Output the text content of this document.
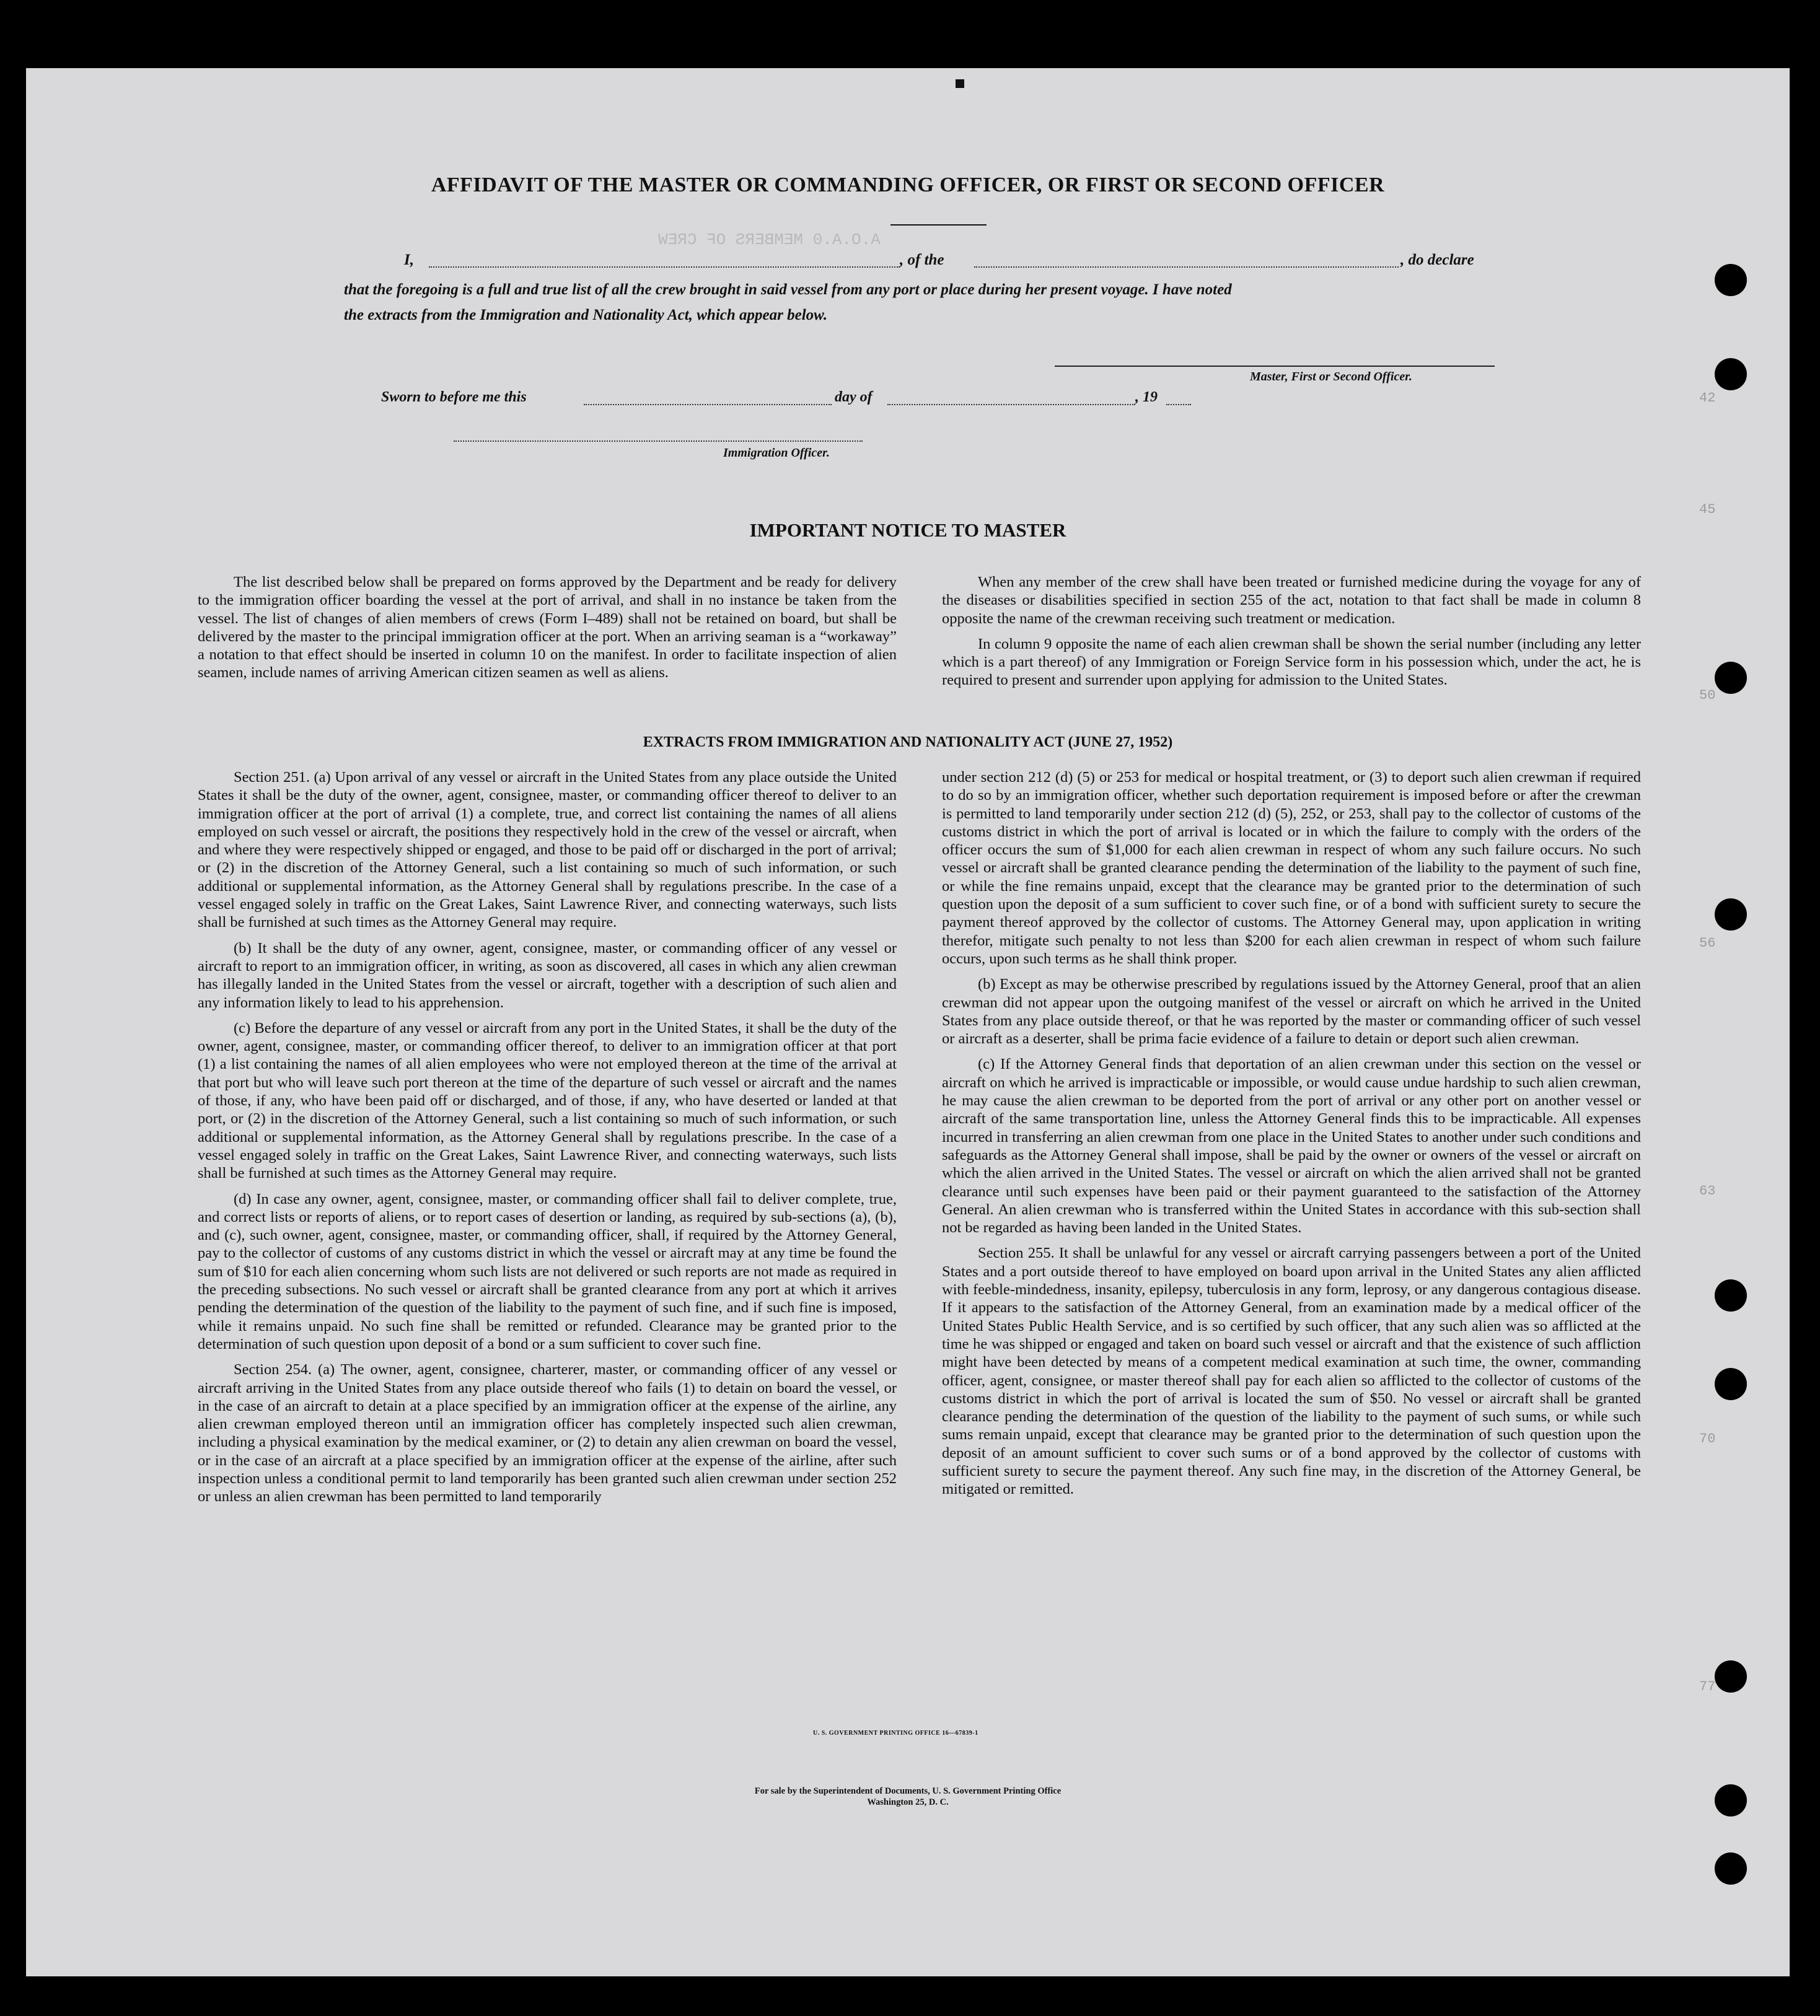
A.O.A.0 MEMBERS OF CREW
42
45
50
56
63
70
77
AFFIDAVIT OF THE MASTER OR COMMANDING OFFICER, OR FIRST OR SECOND OFFICER
I,	, of the	, do declare
that the foregoing is a full and true list of all the crew brought in said vessel from any port or place during her present voyage. I have noted
the extracts from the Immigration and Nationality Act, which appear below.
Master, First or Second Officer.
Sworn to before me this	day of	, 19
Immigration Officer.
IMPORTANT NOTICE TO MASTER

The list described below shall be prepared on forms approved by the Department and be ready for delivery to the immigration officer boarding the vessel at the port of arrival, and shall in no instance be taken from the vessel. The list of changes of alien members of crews (Form I–489) shall not be retained on board, but shall be delivered by the master to the principal immigration officer at the port. When an arriving seaman is a “workaway” a notation to that effect should be inserted in column 10 on the manifest. In order to facilitate inspection of alien seamen, include names of arriving American citizen seamen as well as aliens.

When any member of the crew shall have been treated or furnished medicine during the voyage for any of the diseases or disabilities specified in section 255 of the act, notation to that fact shall be made in column 8 opposite the name of the crewman receiving such treatment or medication.

In column 9 opposite the name of each alien crewman shall be shown the serial number (including any letter which is a part thereof) of any Immigration or Foreign Service form in his possession which, under the act, he is required to present and surrender upon applying for admission to the United States.

EXTRACTS FROM IMMIGRATION AND NATIONALITY ACT (JUNE 27, 1952)

Section 251. (a) Upon arrival of any vessel or aircraft in the United States from any place outside the United States it shall be the duty of the owner, agent, consignee, master, or commanding officer thereof to deliver to an immigration officer at the port of arrival (1) a complete, true, and correct list containing the names of all aliens employed on such vessel or aircraft, the positions they respectively hold in the crew of the vessel or aircraft, when and where they were respectively shipped or engaged, and those to be paid off or discharged in the port of arrival; or (2) in the discretion of the Attorney General, such a list containing so much of such information, or such additional or supplemental information, as the Attorney General shall by regulations prescribe. In the case of a vessel engaged solely in traffic on the Great Lakes, Saint Lawrence River, and connecting waterways, such lists shall be furnished at such times as the Attorney General may require.

(b) It shall be the duty of any owner, agent, consignee, master, or commanding officer of any vessel or aircraft to report to an immigration officer, in writing, as soon as discovered, all cases in which any alien crewman has illegally landed in the United States from the vessel or aircraft, together with a description of such alien and any information likely to lead to his apprehension.

(c) Before the departure of any vessel or aircraft from any port in the United States, it shall be the duty of the owner, agent, consignee, master, or commanding officer thereof, to deliver to an immigration officer at that port (1) a list containing the names of all alien employees who were not employed thereon at the time of the arrival at that port but who will leave such port thereon at the time of the departure of such vessel or aircraft and the names of those, if any, who have been paid off or discharged, and of those, if any, who have deserted or landed at that port, or (2) in the discretion of the Attorney General, such a list containing so much of such information, or such additional or supplemental information, as the Attorney General shall by regulations prescribe. In the case of a vessel engaged solely in traffic on the Great Lakes, Saint Lawrence River, and connecting waterways, such lists shall be furnished at such times as the Attorney General may require.

(d) In case any owner, agent, consignee, master, or commanding officer shall fail to deliver complete, true, and correct lists or reports of aliens, or to report cases of desertion or landing, as required by sub-sections (a), (b), and (c), such owner, agent, consignee, master, or commanding officer, shall, if required by the Attorney General, pay to the collector of customs of any customs district in which the vessel or aircraft may at any time be found the sum of $10 for each alien concerning whom such lists are not delivered or such reports are not made as required in the preceding subsections. No such vessel or aircraft shall be granted clearance from any port at which it arrives pending the determination of the question of the liability to the payment of such fine, and if such fine is imposed, while it remains unpaid. No such fine shall be remitted or refunded. Clearance may be granted prior to the determination of such question upon deposit of a bond or a sum sufficient to cover such fine.

Section 254. (a) The owner, agent, consignee, charterer, master, or commanding officer of any vessel or aircraft arriving in the United States from any place outside thereof who fails (1) to detain on board the vessel, or in the case of an aircraft to detain at a place specified by an immigration officer at the expense of the airline, any alien crewman employed thereon until an immigration officer has completely inspected such alien crewman, including a physical examination by the medical examiner, or (2) to detain any alien crewman on board the vessel, or in the case of an aircraft at a place specified by an immigration officer at the expense of the airline, after such inspection unless a conditional permit to land temporarily has been granted such alien crewman under section 252 or unless an alien crewman has been permitted to land temporarily

under section 212 (d) (5) or 253 for medical or hospital treatment, or (3) to deport such alien crewman if required to do so by an immigration officer, whether such deportation requirement is imposed before or after the crewman is permitted to land temporarily under section 212 (d) (5), 252, or 253, shall pay to the collector of customs of the customs district in which the port of arrival is located or in which the failure to comply with the orders of the officer occurs the sum of $1,000 for each alien crewman in respect of whom any such failure occurs. No such vessel or aircraft shall be granted clearance pending the determination of the liability to the payment of such fine, or while the fine remains unpaid, except that the clearance may be granted prior to the determination of such question upon the deposit of a sum sufficient to cover such fine, or of a bond with sufficient surety to secure the payment thereof approved by the collector of customs. The Attorney General may, upon application in writing therefor, mitigate such penalty to not less than $200 for each alien crewman in respect of whom such failure occurs, upon such terms as he shall think proper.

(b) Except as may be otherwise prescribed by regulations issued by the Attorney General, proof that an alien crewman did not appear upon the outgoing manifest of the vessel or aircraft on which he arrived in the United States from any place outside thereof, or that he was reported by the master or commanding officer of such vessel or aircraft as a deserter, shall be prima facie evidence of a failure to detain or deport such alien crewman.

(c) If the Attorney General finds that deportation of an alien crewman under this section on the vessel or aircraft on which he arrived is impracticable or impossible, or would cause undue hardship to such alien crewman, he may cause the alien crewman to be deported from the port of arrival or any other port on another vessel or aircraft of the same transportation line, unless the Attorney General finds this to be impracticable. All expenses incurred in transferring an alien crewman from one place in the United States to another under such conditions and safeguards as the Attorney General shall impose, shall be paid by the owner or owners of the vessel or aircraft on which the alien arrived in the United States. The vessel or aircraft on which the alien arrived shall not be granted clearance until such expenses have been paid or their payment guaranteed to the satisfaction of the Attorney General. An alien crewman who is transferred within the United States in accordance with this sub-section shall not be regarded as having been landed in the United States.

Section 255. It shall be unlawful for any vessel or aircraft carrying passengers between a port of the United States and a port outside thereof to have employed on board upon arrival in the United States any alien afflicted with feeble-mindedness, insanity, epilepsy, tuberculosis in any form, leprosy, or any dangerous contagious disease. If it appears to the satisfaction of the Attorney General, from an examination made by a medical officer of the United States Public Health Service, and is so certified by such officer, that any such alien was so afflicted at the time he was shipped or engaged and taken on board such vessel or aircraft and that the existence of such affliction might have been detected by means of a competent medical examination at such time, the owner, commanding officer, agent, consignee, or master thereof shall pay for each alien so afflicted to the collector of customs of the customs district in which the port of arrival is located the sum of $50. No vessel or aircraft shall be granted clearance pending the determination of the question of the liability to the payment of such sums, or while such sums remain unpaid, except that clearance may be granted prior to the determination of such question upon the deposit of an amount sufficient to cover such sums or of a bond approved by the collector of customs with sufficient surety to secure the payment thereof. Any such fine may, in the discretion of the Attorney General, be mitigated or remitted.

U. S. GOVERNMENT PRINTING OFFICE 16—67839-1
For sale by the Superintendent of Documents, U. S. Government Printing Office
Washington 25, D. C.
